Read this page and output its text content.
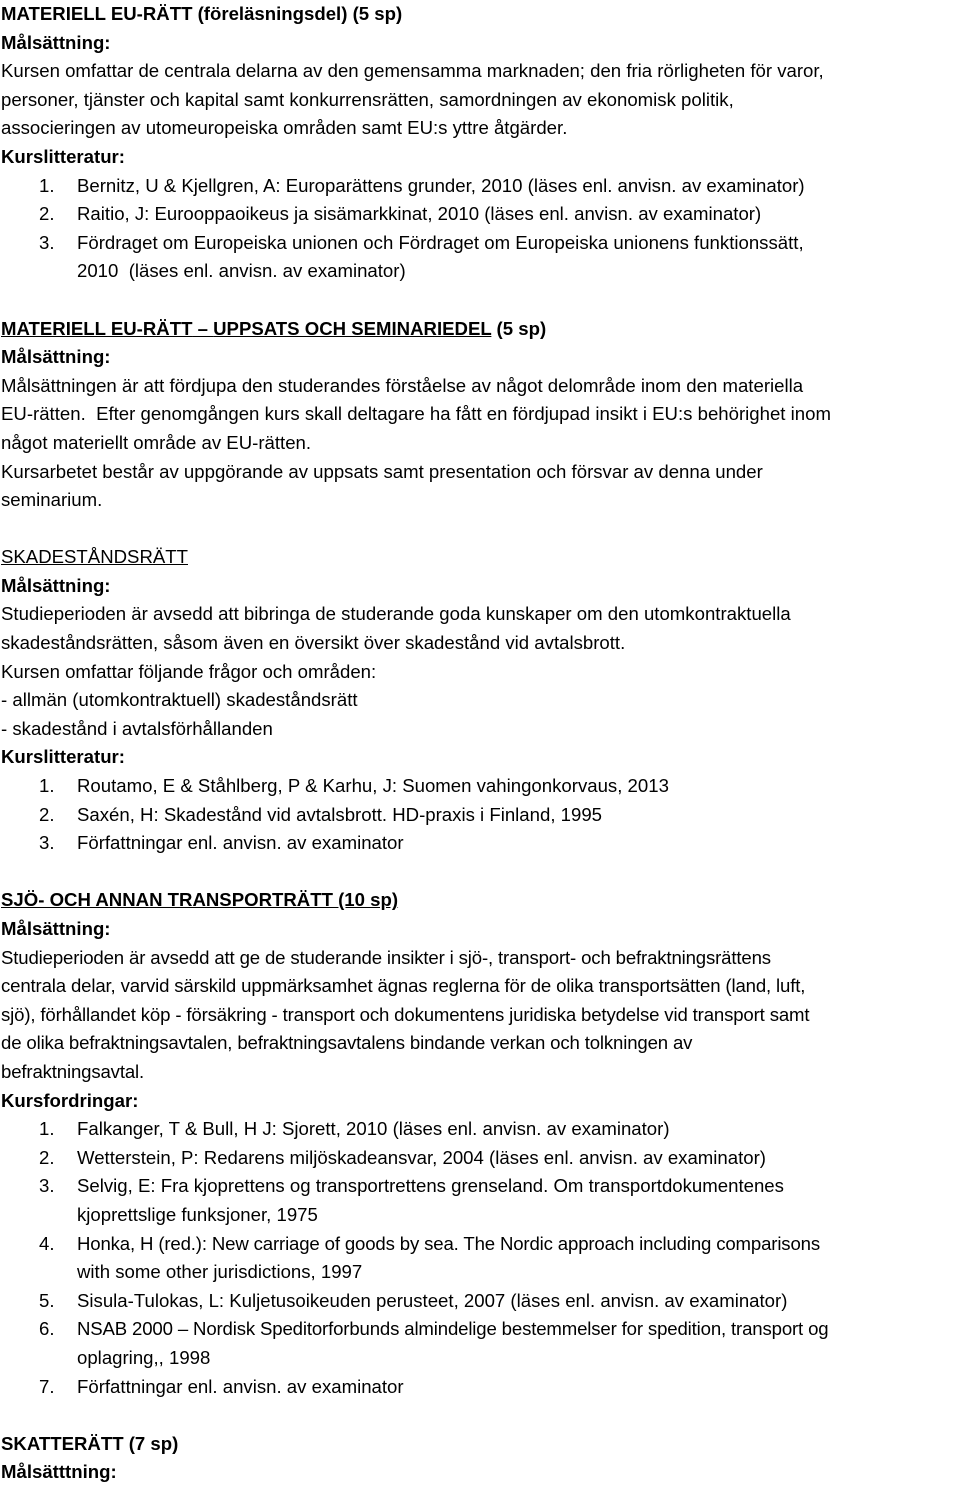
MATERIELL EU-RÄTT (föreläsningsdel) (5 sp)
Målsättning:
Kursen omfattar de centrala delarna av den gemensamma marknaden; den fria rörligheten för varor,
personer, tjänster och kapital samt konkurrensrätten, samordningen av ekonomisk politik,
associeringen av utomeuropeiska områden samt EU:s yttre åtgärder.
Kurslitteratur:
1.	Bernitz, U & Kjellgren, A: Europarättens grunder, 2010 (läses enl. anvisn. av examinator)
2.	Raitio, J: Eurooppaoikeus ja sisämarkkinat, 2010 (läses enl. anvisn. av examinator)
3.	Fördraget om Europeiska unionen och Fördraget om Europeiska unionens funktionssätt,
2010  (läses enl. anvisn. av examinator)
MATERIELL EU-RÄTT – UPPSATS OCH SEMINARIEDEL (5 sp)
Målsättning:
Målsättningen är att fördjupa den studerandes förståelse av något delområde inom den materiella
EU-rätten.  Efter genomgången kurs skall deltagare ha fått en fördjupad insikt i EU:s behörighet inom
något materiellt område av EU-rätten.
Kursarbetet består av uppgörande av uppsats samt presentation och försvar av denna under
seminarium.
SKADESTÅNDSRÄTT
Målsättning:
Studieperioden är avsedd att bibringa de studerande goda kunskaper om den utomkontraktuella
skadeståndsrätten, såsom även en översikt över skadestånd vid avtalsbrott.
Kursen omfattar följande frågor och områden:
- allmän (utomkontraktuell) skadeståndsrätt
- skadestånd i avtalsförhållanden
Kurslitteratur:
1.	Routamo, E & Ståhlberg, P & Karhu, J: Suomen vahingonkorvaus, 2013
2.	Saxén, H: Skadestånd vid avtalsbrott. HD-praxis i Finland, 1995
3.	Författningar enl. anvisn. av examinator
SJÖ- OCH ANNAN TRANSPORTRÄTT (10 sp)
Målsättning:
Studieperioden är avsedd att ge de studerande insikter i sjö-, transport- och befraktningsrättens
centrala delar, varvid särskild uppmärksamhet ägnas reglerna för de olika transportsätten (land, luft,
sjö), förhållandet köp - försäkring - transport och dokumentens juridiska betydelse vid transport samt
de olika befraktningsavtalen, befraktningsavtalens bindande verkan och tolkningen av
befraktningsavtal.
Kursfordringar:
1.	Falkanger, T & Bull, H J: Sjorett, 2010 (läses enl. anvisn. av examinator)
2.	Wetterstein, P: Redarens miljöskadeansvar, 2004 (läses enl. anvisn. av examinator)
3.	Selvig, E: Fra kjoprettens og transportrettens grenseland. Om transportdokumentenes
kjoprettslige funksjoner, 1975
4.	Honka, H (red.): New carriage of goods by sea. The Nordic approach including comparisons
with some other jurisdictions, 1997
5.	Sisula-Tulokas, L: Kuljetusoikeuden perusteet, 2007 (läses enl. anvisn. av examinator)
6.	NSAB 2000 – Nordisk Speditorforbunds almindelige bestemmelser for spedition, transport og
oplagring,, 1998
7.	Författningar enl. anvisn. av examinator
SKATTERÄTT (7 sp)
Målsätttning:
